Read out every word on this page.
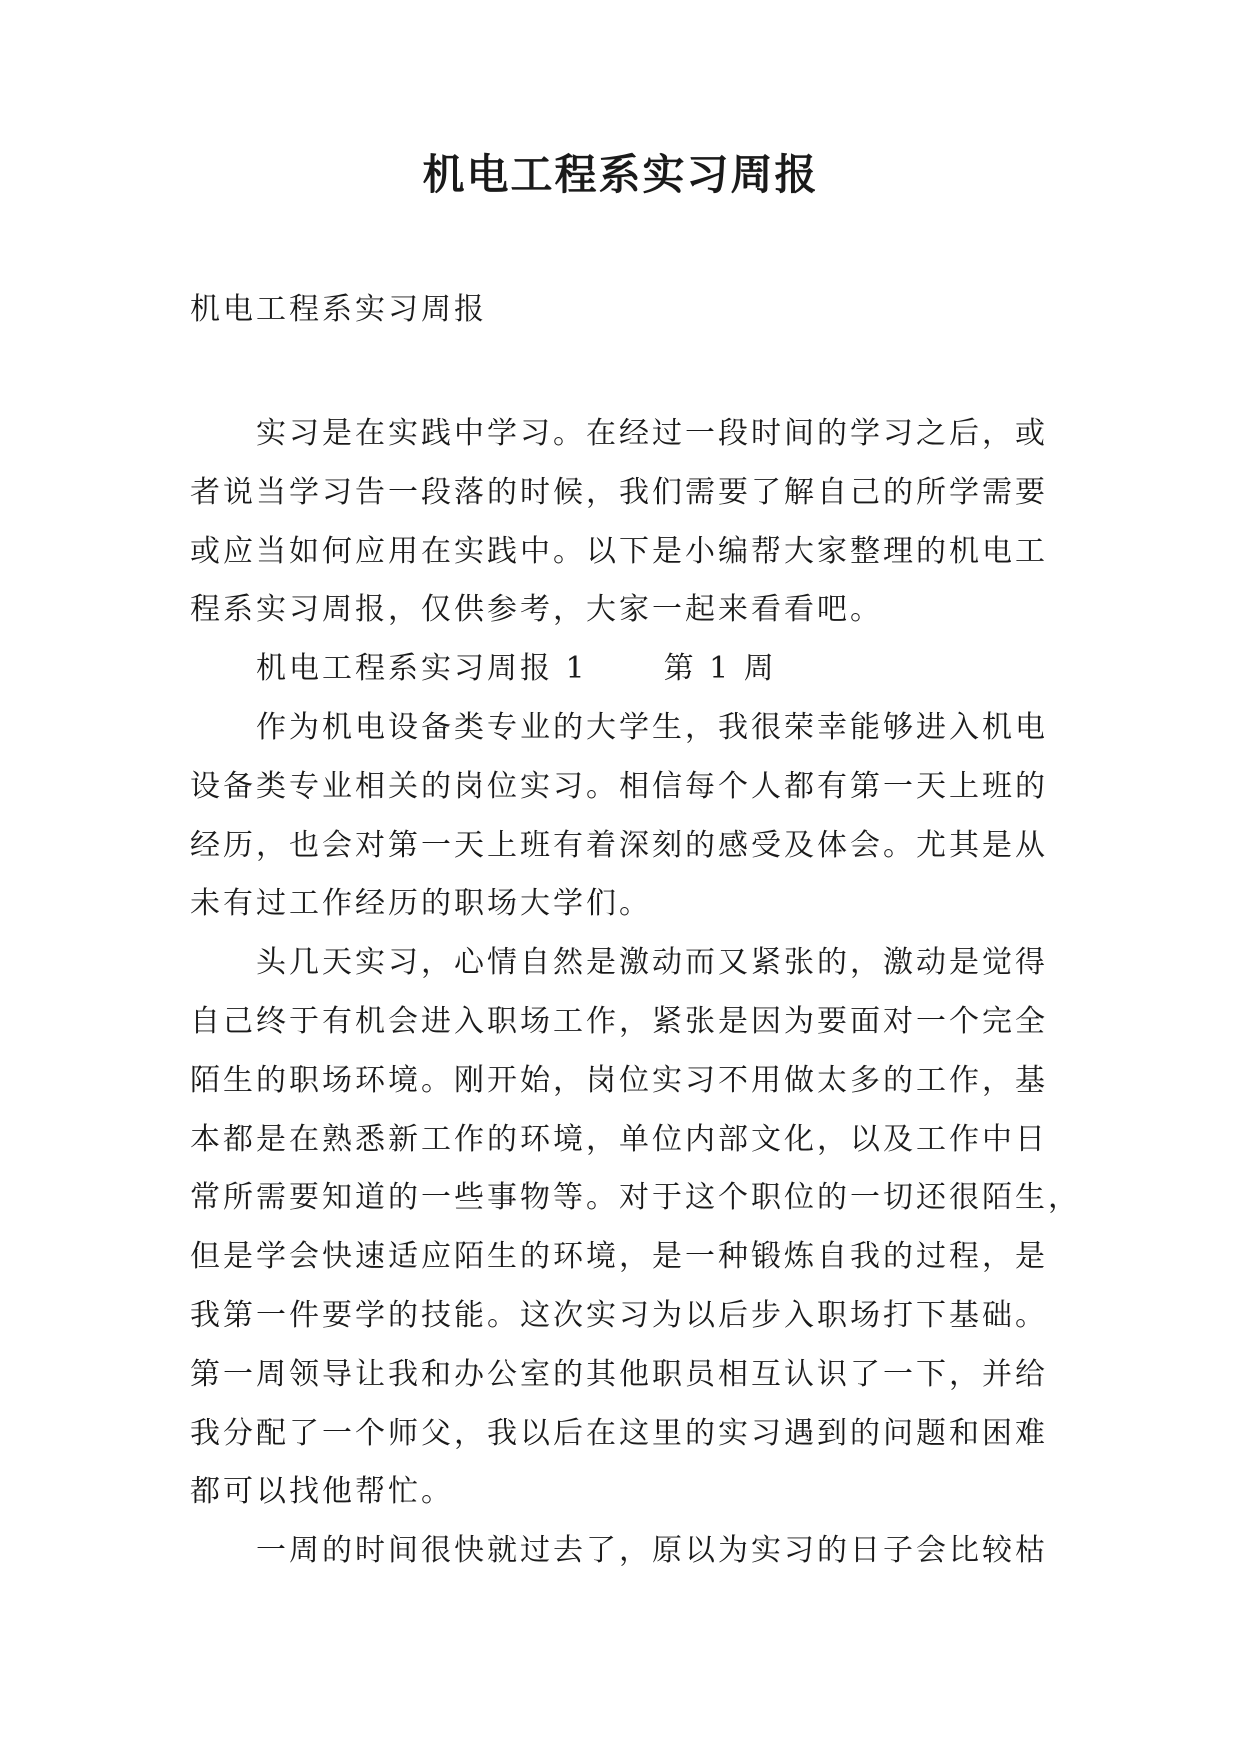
机电工程系实习周报

机电工程系实习周报

实习是在实践中学习。在经过一段时间的学习之后，或
者说当学习告一段落的时候，我们需要了解自己的所学需要
或应当如何应用在实践中。以下是小编帮大家整理的机电工
程系实习周报，仅供参考，大家一起来看看吧。
机电工程系实习周报 1	第 1 周
作为机电设备类专业的大学生，我很荣幸能够进入机电
设备类专业相关的岗位实习。相信每个人都有第一天上班的
经历，也会对第一天上班有着深刻的感受及体会。尤其是从
未有过工作经历的职场大学们。
头几天实习，心情自然是激动而又紧张的，激动是觉得
自己终于有机会进入职场工作，紧张是因为要面对一个完全
陌生的职场环境。刚开始，岗位实习不用做太多的工作，基
本都是在熟悉新工作的环境，单位内部文化，以及工作中日
常所需要知道的一些事物等。对于这个职位的一切还很陌生，
但是学会快速适应陌生的环境，是一种锻炼自我的过程，是
我第一件要学的技能。这次实习为以后步入职场打下基础。
第一周领导让我和办公室的其他职员相互认识了一下，并给
我分配了一个师父，我以后在这里的实习遇到的问题和困难
都可以找他帮忙。
一周的时间很快就过去了，原以为实习的日子会比较枯
